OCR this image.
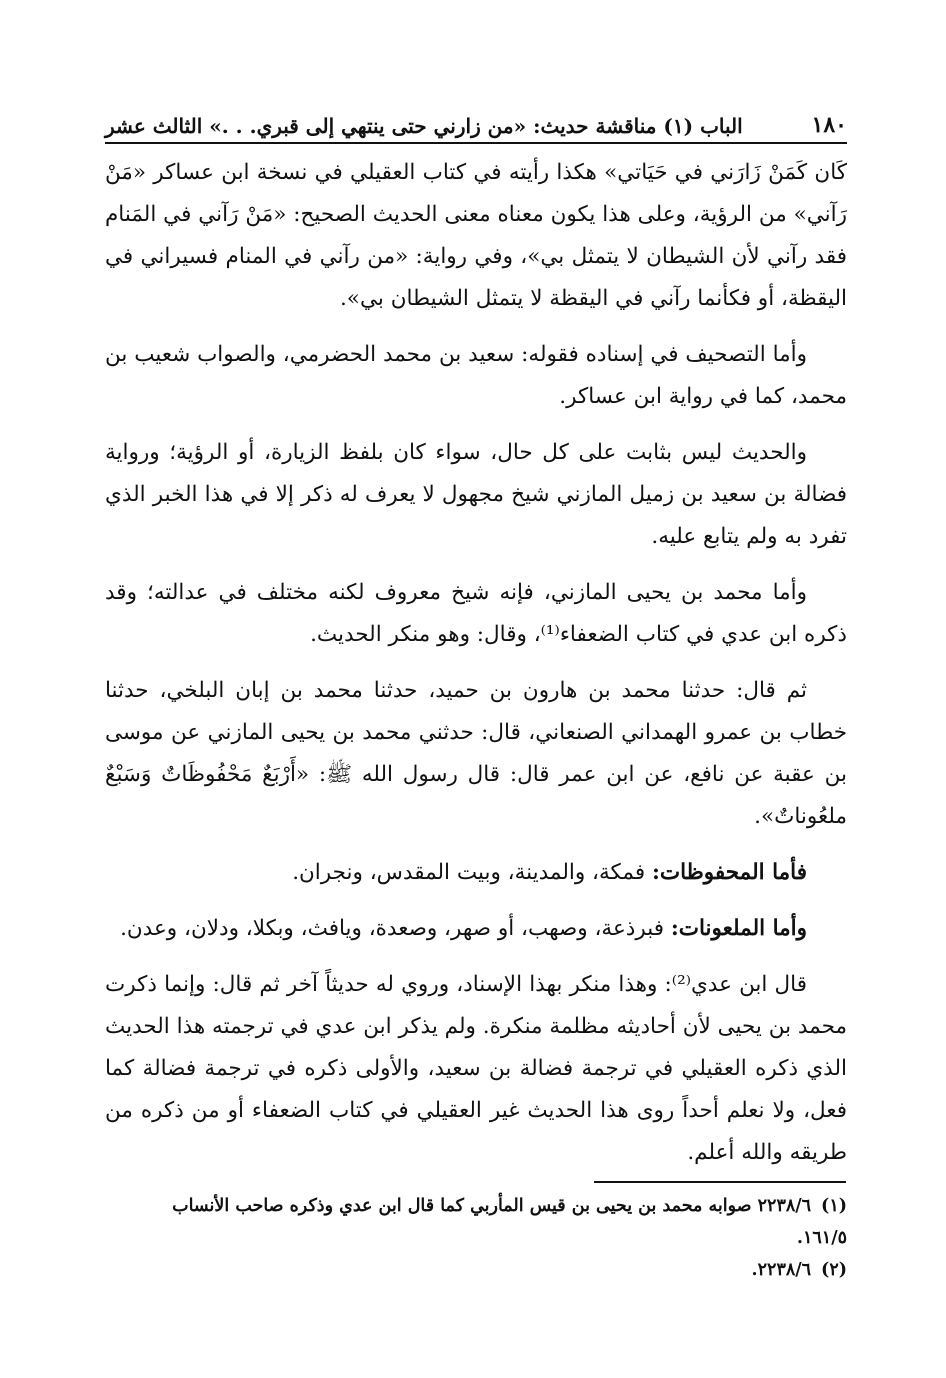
١٨٠
الباب (١) مناقشة حديث: «من زارني حتى ينتهي إلى قبري. . .» الثالث عشر

كَان كَمَنْ زَارَني في حَيَاتي» هكذا رأيته في كتاب العقيلي في نسخة ابن عساكر «مَنْ رَآني» من الرؤية، وعلى هذا يكون معناه معنى الحديث الصحيح: «مَنْ رَآني في المَنام فقد رآني لأن الشيطان لا يتمثل بي»، وفي رواية: «من رآني في المنام فسيراني في اليقظة، أو فكأنما رآني في اليقظة لا يتمثل الشيطان بي».

وأما التصحيف في إسناده فقوله: سعيد بن محمد الحضرمي، والصواب شعيب بن محمد، كما في رواية ابن عساكر.

والحديث ليس بثابت على كل حال، سواء كان بلفظ الزيارة، أو الرؤية؛ ورواية فضالة بن سعيد بن زميل المازني شيخ مجهول لا يعرف له ذكر إلا في هذا الخبر الذي تفرد به ولم يتابع عليه.

وأما محمد بن يحيى المازني، فإنه شيخ معروف لكنه مختلف في عدالته؛ وقد ذكره ابن عدي في كتاب الضعفاء⁽¹⁾، وقال: وهو منكر الحديث.

ثم قال: حدثنا محمد بن هارون بن حميد، حدثنا محمد بن إبان البلخي، حدثنا خطاب بن عمرو الهمداني الصنعاني، قال: حدثني محمد بن يحيى المازني عن موسى بن عقبة عن نافع، عن ابن عمر قال: قال رسول الله ﷺ: «أَرْبَعٌ مَحْفُوظَاتٌ وَسَبْعٌ ملعُوناتٌ».

فأما المحفوظات: فمكة، والمدينة، وبيت المقدس، ونجران.

وأما الملعونات: فبرذعة، وصهب، أو صهر، وصعدة، ويافث، وبكلا، ودلان، وعدن.

قال ابن عدي⁽²⁾: وهذا منكر بهذا الإسناد، وروي له حديثاً آخر ثم قال: وإنما ذكرت محمد بن يحيى لأن أحاديثه مظلمة منكرة. ولم يذكر ابن عدي في ترجمته هذا الحديث الذي ذكره العقيلي في ترجمة فضالة بن سعيد، والأولى ذكره في ترجمة فضالة كما فعل، ولا نعلم أحداً روى هذا الحديث غير العقيلي في كتاب الضعفاء أو من ذكره من طريقه والله أعلم.

(١)٢٢٣٨/٦ صوابه محمد بن يحيى بن قيس المأربي كما قال ابن عدي وذكره صاحب الأنساب

١٦١/٥.

(٢)٢٢٣٨/٦.
